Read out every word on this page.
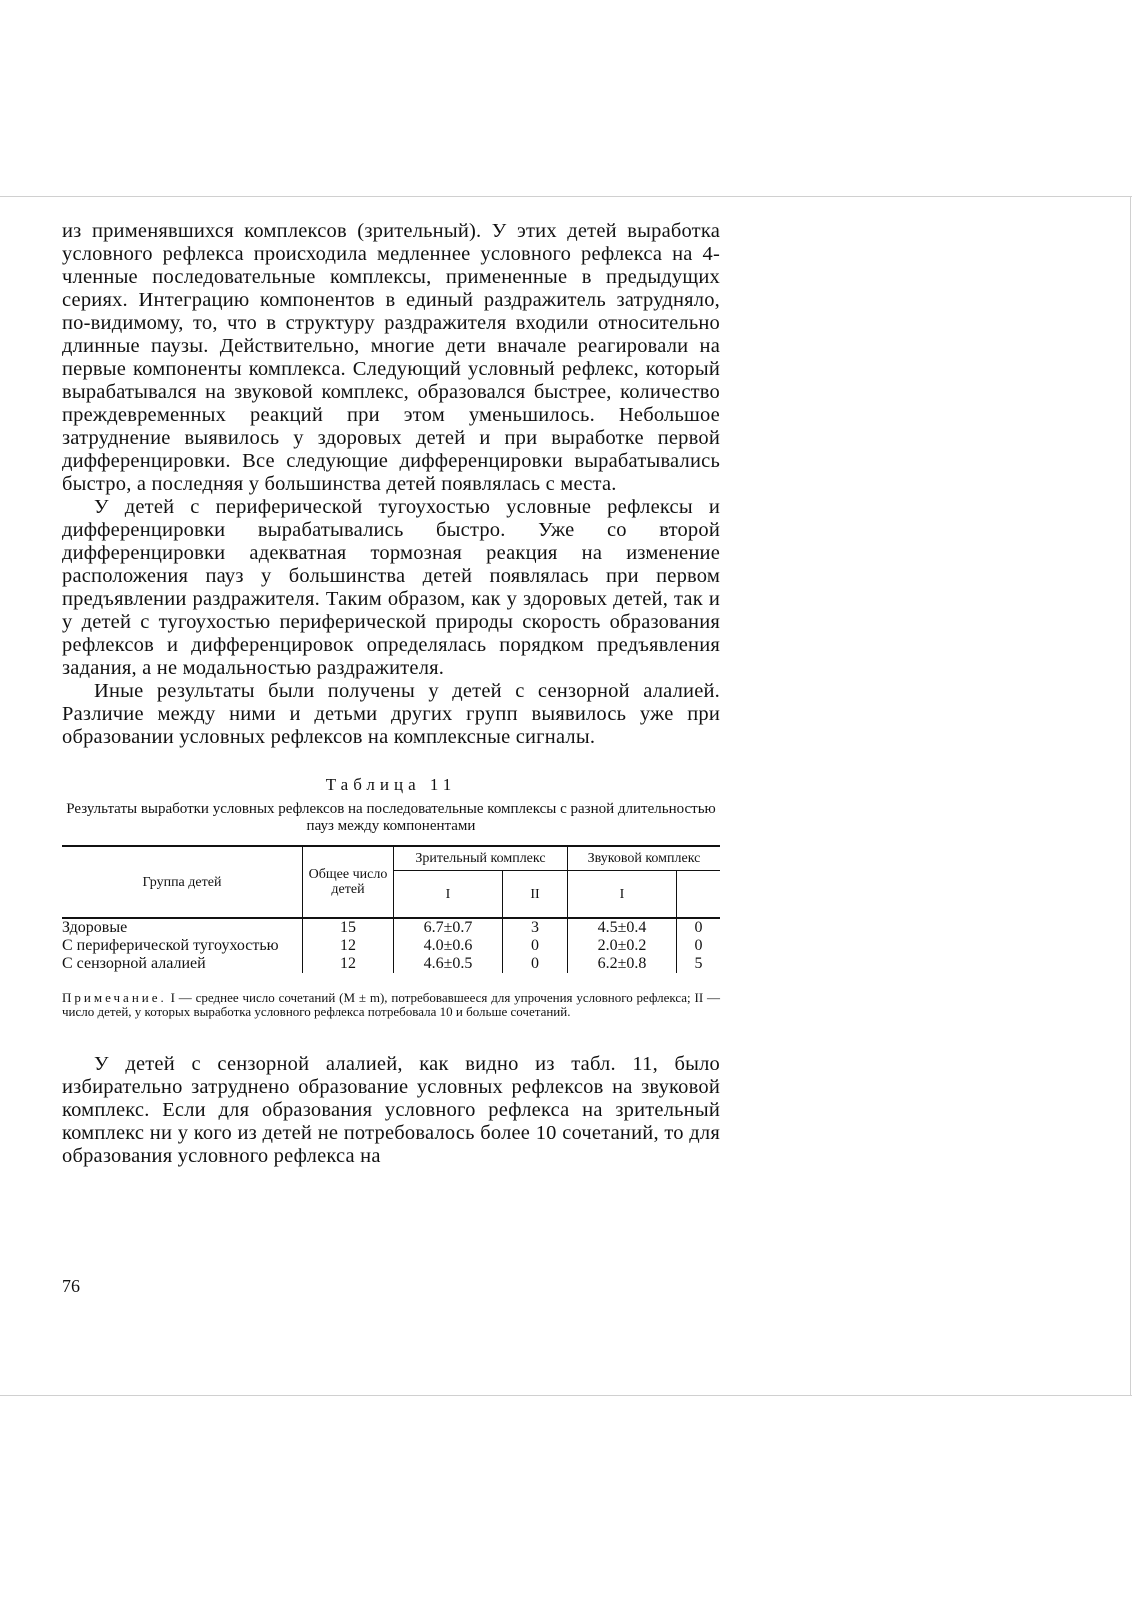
из применявшихся комплексов (зрительный). У этих детей выработка условного рефлекса происходила медленнее условного рефлекса на 4-членные последовательные комплексы, примененные в предыдущих сериях. Интеграцию компонентов в единый раздражитель затрудняло, по-видимому, то, что в структуру раздражителя входили относительно длинные паузы. Действительно, многие дети вначале реагировали на первые компоненты комплекса. Следующий условный рефлекс, который вырабатывался на звуковой комплекс, образовался быстрее, количество преждевременных реакций при этом уменьшилось. Небольшое затруднение выявилось у здоровых детей и при выработке первой дифференцировки. Все следующие дифференцировки вырабатывались быстро, а последняя у большинства детей появлялась с места.

У детей с периферической тугоухостью условные рефлексы и дифференцировки вырабатывались быстро. Уже со второй дифференцировки адекватная тормозная реакция на изменение расположения пауз у большинства детей появлялась при первом предъявлении раздражителя. Таким образом, как у здоровых детей, так и у детей с тугоухостью периферической природы скорость образования рефлексов и дифференцировок определялась порядком предъявления задания, а не модальностью раздражителя.

Иные результаты были получены у детей с сензорной алалией. Различие между ними и детьми других групп выявилось уже при образовании условных рефлексов на комплексные сигналы.

Таблица 11
Результаты выработки условных рефлексов на последовательные комплексы с разной длительностью пауз между компонентами
Группа детей	Общее число детей	Зрительный комплекс		Звуковой комплекс	
		I	II	I	
Здоровые	15	6.7±0.7	3	4.5±0.4	0
С периферической тугоухостью	12	4.0±0.6	0	2.0±0.2	0
С сензорной алалией	12	4.6±0.5	0	6.2±0.8	5

Примечание. I — среднее число сочетаний (M ± m), потребовавшееся для упрочения условного рефлекса; II — число детей, у которых выработка условного рефлекса потребовала 10 и больше сочетаний.

У детей с сензорной алалией, как видно из табл. 11, было избирательно затруднено образование условных рефлексов на звуковой комплекс. Если для образования условного рефлекса на зрительный комплекс ни у кого из детей не потребовалось более 10 сочетаний, то для образования условного рефлекса на

76
